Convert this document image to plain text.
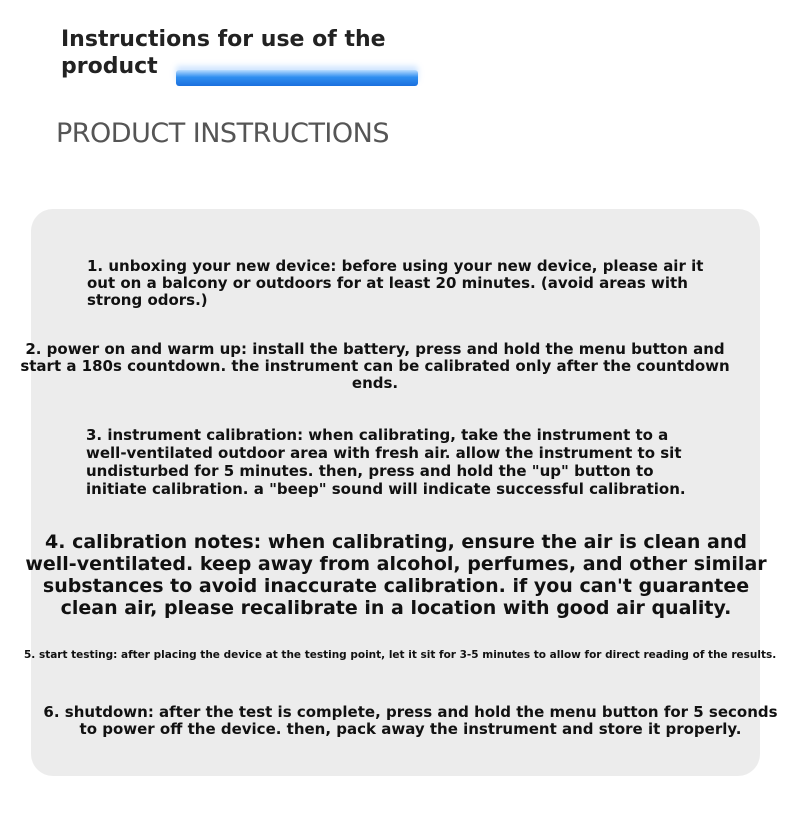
Instructions for use of the product
PRODUCT INSTRUCTIONS
1. unboxing your new device: before using your new device, please air it out on a balcony or outdoors for at least 20 minutes. (avoid areas with strong odors.)
2. power on and warm up: install the battery, press and hold the menu button and start a 180s countdown. the instrument can be calibrated only after the countdown ends.
3. instrument calibration: when calibrating, take the instrument to a well-ventilated outdoor area with fresh air. allow the instrument to sit undisturbed for 5 minutes. then, press and hold the "up" button to initiate calibration. a "beep" sound will indicate successful calibration.
4. calibration notes: when calibrating, ensure the air is clean and well-ventilated. keep away from alcohol, perfumes, and other similar substances to avoid inaccurate calibration. if you can't guarantee clean air, please recalibrate in a location with good air quality.
5. start testing: after placing the device at the testing point, let it sit for 3-5 minutes to allow for direct reading of the results.
6. shutdown: after the test is complete, press and hold the menu button for 5 seconds to power off the device. then, pack away the instrument and store it properly.
